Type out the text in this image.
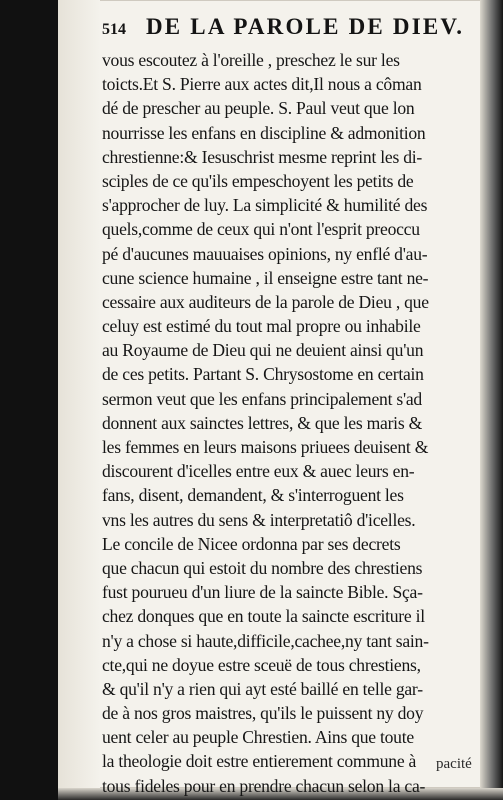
514 DE LA PAROLE DE DIEV.
vous escoutez à l'oreille , preschez le sur les
toicts.Et S. Pierre aux actes dit,Il nous a côman
dé de prescher au peuple. S. Paul veut que lon
nourrisse les enfans en discipline & admonition
chrestienne:& Iesuschrist mesme reprint les di-
sciples de ce qu'ils empeschoyent les petits de
s'approcher de luy. La simplicité & humilité des
quels,comme de ceux qui n'ont l'esprit preoccu
pé d'aucunes mauuaises opinions, ny enflé d'au-
cune science humaine , il enseigne estre tant ne-
cessaire aux auditeurs de la parole de Dieu , que
celuy est estimé du tout mal propre ou inhabile
au Royaume de Dieu qui ne deuient ainsi qu'un
de ces petits. Partant S. Chrysostome en certain
sermon veut que les enfans principalement s'ad
donnent aux sainctes lettres, & que les maris &
les femmes en leurs maisons priuees deuisent &
discourent d'icelles entre eux & auec leurs en-
fans, disent, demandent, & s'interroguent les
vns les autres du sens & interpretatiô d'icelles.
Le concile de Nicee ordonna par ses decrets
que chacun qui estoit du nombre des chrestiens
fust pourueu d'un liure de la saincte Bible. Sça-
chez donques que en toute la saincte escriture il
n'y a chose si haute,difficile,cachee,ny tant sain-
cte,qui ne doyue estre sceuë de tous chrestiens,
& qu'il n'y a rien qui ayt esté baillé en telle gar-
de à nos gros maistres, qu'ils le puissent ny doy
uent celer au peuple Chrestien. Ains que toute
la theologie doit estre entierement commune à
tous fideles pour en prendre chacun selon la ca-
pacité
